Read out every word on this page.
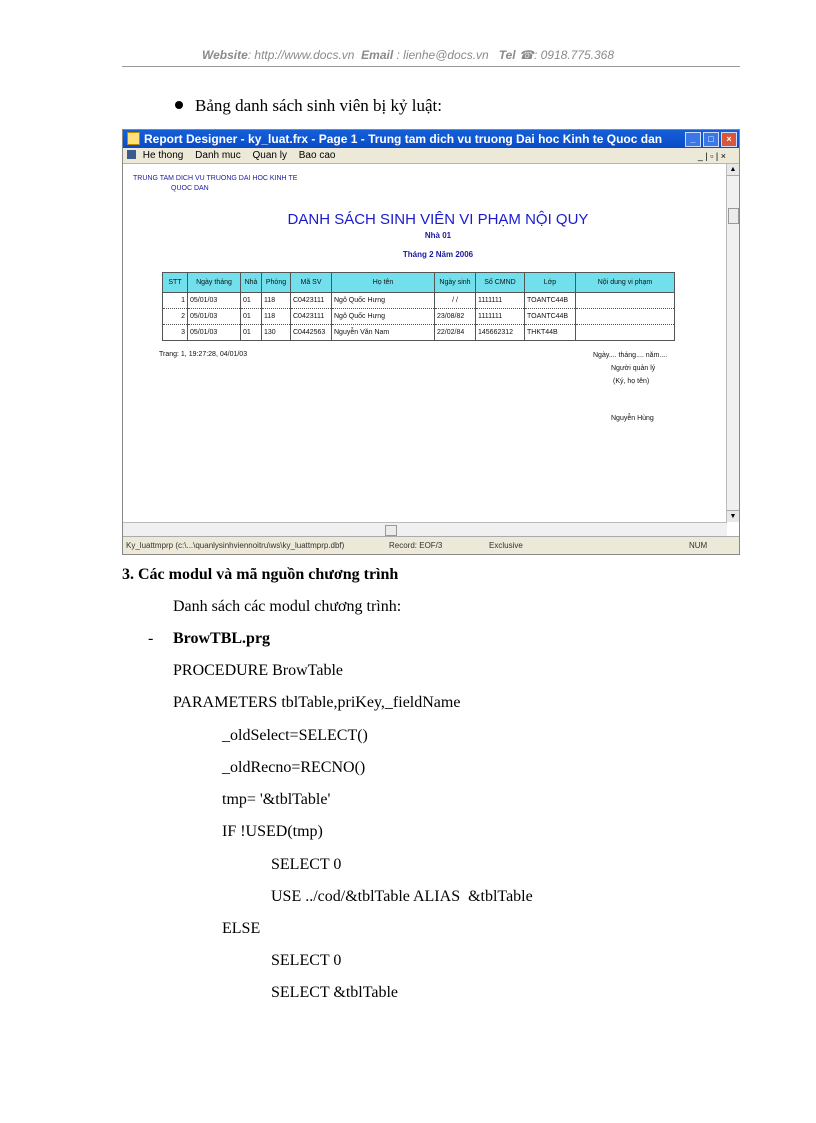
Website: http://www.docs.vn Email : lienhe@docs.vn Tel ☎: 0918.775.368
Bảng danh sách sinh viên bị kỷ luật:
Report Designer - ky_luat.frx - Page 1 - Trung tam dich vu truong Dai hoc Kinh te Quoc dan	_	□	×
He thong Danh muc Quan ly Bao cao	_ | ▫ | ×
TRUNG TAM DICH VU TRUONG DAI HOC KINH TE
QUOC DAN
DANH SÁCH SINH VIÊN VI PHẠM NỘI QUY
Nhà 01
Tháng 2 Năm 2006
STT	Ngày tháng	Nhà	Phòng	Mã SV	Họ tên	Ngày sinh	Số CMND	Lớp	Nội dung vi phạm
1	05/01/03	01	118	C0423111	Ngô Quốc Hưng	/ /	1111111	TOANTC44B	
2	05/01/03	01	118	C0423111	Ngô Quốc Hưng	23/08/82	1111111	TOANTC44B	
3	05/01/03	01	130	C0442563	Nguyễn Văn Nam	22/02/84	145662312	THKT44B	
Trang: 1, 19:27:28, 04/01/03	Ngày.... tháng.... năm....
Người quản lý
(Ký, họ tên)
Nguyễn Hùng
▲
▼
Ky_luattmprp (c:\...\quanlysinhviennoitru\ws\ky_luattmprp.dbf)	Record: EOF/3	Exclusive	NUM
3. Các modul và mã nguồn chương trình
Danh sách các modul chương trình:
- BrowTBL.prg
PROCEDURE BrowTable
PARAMETERS tblTable,priKey,_fieldName
_oldSelect=SELECT()
_oldRecno=RECNO()
tmp= '&tblTable'
IF !USED(tmp)
SELECT 0
USE ../cod/&tblTable ALIAS  &tblTable
ELSE
SELECT 0
SELECT &tblTable
